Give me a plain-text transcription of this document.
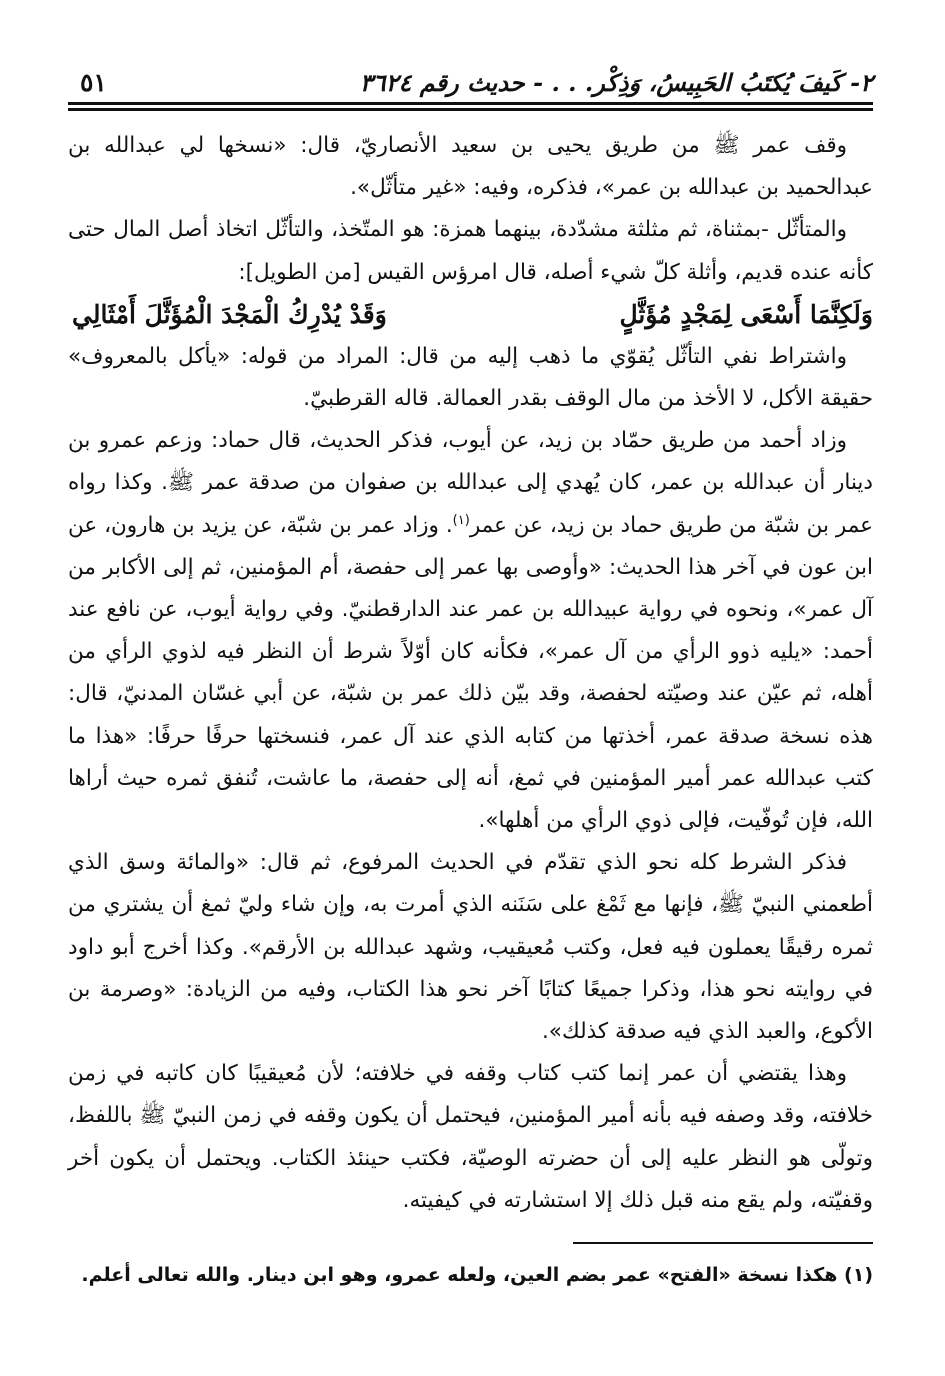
٢- كَيفَ يُكتَبُ الحَبِيسُ، وَذِكْر. . . - حديث رقم ٣٦٢٤
٥١

وقف عمر ﷺ من طريق يحيى بن سعيد الأنصاريّ، قال: «نسخها لي عبدالله بن عبدالحميد بن عبدالله بن عمر»، فذكره، وفيه: «غير متأثّل».

والمتأثّل -بمثناة، ثم مثلثة مشدّدة، بينهما همزة: هو المتّخذ، والتأثّل اتخاذ أصل المال حتى كأنه عنده قديم، وأثلة كلّ شيء أصله، قال امرؤس القيس [من الطويل]:

وَلَكِنَّمَا أَسْعَى لِمَجْدٍ مُؤَثَّلٍ
وَقَدْ يُدْرِكُ الْمَجْدَ الْمُؤَثَّلَ أَمْثَالِي

واشتراط نفي التأثّل يُقوّي ما ذهب إليه من قال: المراد من قوله: «يأكل بالمعروف» حقيقة الأكل، لا الأخذ من مال الوقف بقدر العمالة. قاله القرطبيّ.

وزاد أحمد من طريق حمّاد بن زيد، عن أيوب، فذكر الحديث، قال حماد: وزعم عمرو بن دينار أن عبدالله بن عمر، كان يُهدي إلى عبدالله بن صفوان من صدقة عمر ﷺ. وكذا رواه عمر بن شبّة من طريق حماد بن زيد، عن عمر$^{(١)}$. وزاد عمر بن شبّة، عن يزيد بن هارون، عن ابن عون في آخر هذا الحديث: «وأوصى بها عمر إلى حفصة، أم المؤمنين، ثم إلى الأكابر من آل عمر»، ونحوه في رواية عبيدالله بن عمر عند الدارقطنيّ. وفي رواية أيوب، عن نافع عند أحمد: «يليه ذوو الرأي من آل عمر»، فكأنه كان أوّلاً شرط أن النظر فيه لذوي الرأي من أهله، ثم عيّن عند وصيّته لحفصة، وقد بيّن ذلك عمر بن شبّة، عن أبي غسّان المدنيّ، قال: هذه نسخة صدقة عمر، أخذتها من كتابه الذي عند آل عمر، فنسختها حرفًا حرفًا: «هذا ما كتب عبدالله عمر أمير المؤمنين في ثمغ، أنه إلى حفصة، ما عاشت، تُنفق ثمره حيث أراها الله، فإن تُوفّيت، فإلى ذوي الرأي من أهلها».

فذكر الشرط كله نحو الذي تقدّم في الحديث المرفوع، ثم قال: «والمائة وسق الذي أطعمني النبيّ ﷺ، فإنها مع ثَمْغ على سَنَنه الذي أمرت به، وإن شاء وليّ ثمغ أن يشتري من ثمره رقيقًا يعملون فيه فعل، وكتب مُعيقيب، وشهد عبدالله بن الأرقم». وكذا أخرج أبو داود في روايته نحو هذا، وذكرا جميعًا كتابًا آخر نحو هذا الكتاب، وفيه من الزيادة: «وصرمة بن الأكوع، والعبد الذي فيه صدقة كذلك».

وهذا يقتضي أن عمر إنما كتب كتاب وقفه في خلافته؛ لأن مُعيقيبًا كان كاتبه في زمن خلافته، وقد وصفه فيه بأنه أمير المؤمنين، فيحتمل أن يكون وقفه في زمن النبيّ ﷺ باللفظ، وتولّى هو النظر عليه إلى أن حضرته الوصيّة، فكتب حينئذ الكتاب. ويحتمل أن يكون أخر وقفيّته، ولم يقع منه قبل ذلك إلا استشارته في كيفيته.

(١) هكذا نسخة «الفتح» عمر بضم العين، ولعله عمرو، وهو ابن دينار. والله تعالى أعلم.
